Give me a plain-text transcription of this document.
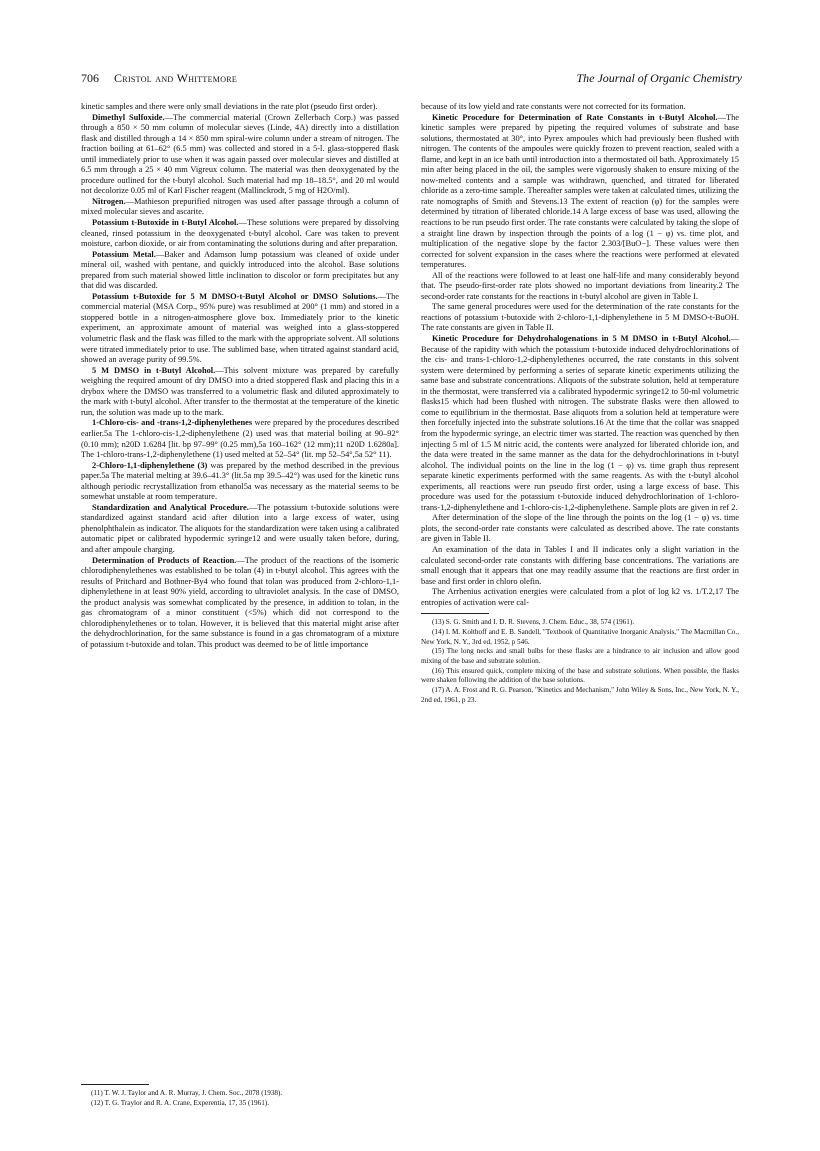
706 Cristol and Whittemore	The Journal of Organic Chemistry

kinetic samples and there were only small deviations in the rate plot (pseudo first order).

Dimethyl Sulfoxide.—The commercial material (Crown Zellerbach Corp.) was passed through a 850 × 50 mm column of molecular sieves (Linde, 4A) directly into a distillation flask and distilled through a 14 × 850 mm spiral-wire column under a stream of nitrogen. The fraction boiling at 61–62° (6.5 mm) was collected and stored in a 5-l. glass-stoppered flask until immediately prior to use when it was again passed over molecular sieves and distilled at 6.5 mm through a 25 × 40 mm Vigreux column. The material was then deoxygenated by the procedure outlined for the t-butyl alcohol. Such material had mp 18–18.5°, and 20 ml would not decolorize 0.05 ml of Karl Fischer reagent (Mallinckrodt, 5 mg of H2O/ml).

Nitrogen.—Mathieson prepurified nitrogen was used after passage through a column of mixed molecular sieves and ascarite.

Potassium t-Butoxide in t-Butyl Alcohol.—These solutions were prepared by dissolving cleaned, rinsed potassium in the deoxygenated t-butyl alcohol. Care was taken to prevent moisture, carbon dioxide, or air from contaminating the solutions during and after preparation.

Potassium Metal.—Baker and Adamson lump potassium was cleaned of oxide under mineral oil, washed with pentane, and quickly introduced into the alcohol. Base solutions prepared from such material showed little inclination to discolor or form precipitates but any that did was discarded.

Potassium t-Butoxide for 5 M DMSO-t-Butyl Alcohol or DMSO Solutions.—The commercial material (MSA Corp., 95% pure) was resublimed at 200° (1 mm) and stored in a stoppered bottle in a nitrogen-atmosphere glove box. Immediately prior to the kinetic experiment, an approximate amount of material was weighed into a glass-stoppered volumetric flask and the flask was filled to the mark with the appropriate solvent. All solutions were titrated immediately prior to use. The sublimed base, when titrated against standard acid, showed an average purity of 99.5%.

5 M DMSO in t-Butyl Alcohol.—This solvent mixture was prepared by carefully weighing the required amount of dry DMSO into a dried stoppered flask and placing this in a drybox where the DMSO was transferred to a volumetric flask and diluted approximately to the mark with t-butyl alcohol. After transfer to the thermostat at the temperature of the kinetic run, the solution was made up to the mark.

1-Chloro-cis- and -trans-1,2-diphenylethenes were prepared by the procedures described earlier.5a The 1-chloro-cis-1,2-diphenylethene (2) used was that material boiling at 90–92° (0.10 mm); n20D 1.6284 [lit. bp 97–99° (0.25 mm),5a 160–162° (12 mm);11 n20D 1.6280a]. The 1-chloro-trans-1,2-diphenylethene (1) used melted at 52–54° (lit. mp 52–54°,5a 52° 11).

2-Chloro-1,1-diphenylethene (3) was prepared by the method described in the previous paper.5a The material melting at 39.6–41.3° (lit.5a mp 39.5–42°) was used for the kinetic runs although periodic recrystallization from ethanol5a was necessary as the material seems to be somewhat unstable at room temperature.

Standardization and Analytical Procedure.—The potassium t-butoxide solutions were standardized against standard acid after dilution into a large excess of water, using phenolphthalein as indicator. The aliquots for the standardization were taken using a calibrated automatic pipet or calibrated hypodermic syringe12 and were usually taken before, during, and after ampoule charging.

Determination of Products of Reaction.—The product of the reactions of the isomeric chlorodiphenylethenes was established to be tolan (4) in t-butyl alcohol. This agrees with the results of Pritchard and Bothner-By4 who found that tolan was produced from 2-chloro-1,1-diphenylethene in at least 90% yield, according to ultraviolet analysis. In the case of DMSO, the product analysis was somewhat complicated by the presence, in addition to tolan, in the gas chromatogram of a minor constituent (<5%) which did not correspond to the chlorodiphenylethenes or to tolan. However, it is believed that this material might arise after the dehydrochlorination, for the same substance is found in a gas chromatogram of a mixture of potassium t-butoxide and tolan. This product was deemed to be of little importance

(11) T. W. J. Taylor and A. R. Murray, J. Chem. Soc., 2078 (1938).

(12) T. G. Traylor and R. A. Crane, Experentia, 17, 35 (1961).

because of its low yield and rate constants were not corrected for its formation.

Kinetic Procedure for Determination of Rate Constants in t-Butyl Alcohol.—The kinetic samples were prepared by pipeting the required volumes of substrate and base solutions, thermostated at 30°, into Pyrex ampoules which had previously been flushed with nitrogen. The contents of the ampoules were quickly frozen to prevent reaction, sealed with a flame, and kept in an ice bath until introduction into a thermostated oil bath. Approximately 15 min after being placed in the oil, the samples were vigorously shaken to ensure mixing of the now-melted contents and a sample was withdrawn, quenched, and titrated for liberated chloride as a zero-time sample. Thereafter samples were taken at calculated times, utilizing the rate nomographs of Smith and Stevens.13 The extent of reaction (φ) for the samples were determined by titration of liberated chloride.14 A large excess of base was used, allowing the reactions to be run pseudo first order. The rate constants were calculated by taking the slope of a straight line drawn by inspection through the points of a log (1 − φ) vs. time plot, and multiplication of the negative slope by the factor 2.303/[BuO−]. These values were then corrected for solvent expansion in the cases where the reactions were performed at elevated temperatures.

All of the reactions were followed to at least one half-life and many considerably beyond that. The pseudo-first-order rate plots showed no important deviations from linearity.2 The second-order rate constants for the reactions in t-butyl alcohol are given in Table I.

The same general procedures were used for the determination of the rate constants for the reactions of potassium t-butoxide with 2-chloro-1,1-diphenylethene in 5 M DMSO-t-BuOH. The rate constants are given in Table II.

Kinetic Procedure for Dehydrohalogenations in 5 M DMSO in t-Butyl Alcohol.—Because of the rapidity with which the potassium t-butoxide induced dehydrochlorinations of the cis- and trans-1-chloro-1,2-diphenylethenes occurred, the rate constants in this solvent system were determined by performing a series of separate kinetic experiments utilizing the same base and substrate concentrations. Aliquots of the substrate solution, held at temperature in the thermostat, were transferred via a calibrated hypodermic syringe12 to 50-ml volumetric flasks15 which had been flushed with nitrogen. The substrate flasks were then allowed to come to equilibrium in the thermostat. Base aliquots from a solution held at temperature were then forcefully injected into the substrate solutions.16 At the time that the collar was snapped from the hypodermic syringe, an electric timer was started. The reaction was quenched by then injecting 5 ml of 1.5 M nitric acid, the contents were analyzed for liberated chloride ion, and the data were treated in the same manner as the data for the dehydrochlorinations in t-butyl alcohol. The individual points on the line in the log (1 − φ) vs. time graph thus represent separate kinetic experiments performed with the same reagents. As with the t-butyl alcohol experiments, all reactions were run pseudo first order, using a large excess of base. This procedure was used for the potassium t-butoxide induced dehydrochlorination of 1-chloro-trans-1,2-diphenylethene and 1-chloro-cis-1,2-diphenylethene. Sample plots are given in ref 2.

After determination of the slope of the line through the points on the log (1 − φ) vs. time plots, the second-order rate constants were calculated as described above. The rate constants are given in Table II.

An examination of the data in Tables I and II indicates only a slight variation in the calculated second-order rate constants with differing base concentrations. The variations are small enough that it appears that one may readily assume that the reactions are first order in base and first order in chloro olefin.

The Arrhenius activation energies were calculated from a plot of log k2 vs. 1/T.2,17 The entropies of activation were cal-

(13) S. G. Smith and I. D. R. Stevens, J. Chem. Educ., 38, 574 (1961).

(14) I. M. Kolthoff and E. B. Sandell, "Textbook of Quantitative Inorganic Analysis," The Macmillan Co., New York, N. Y., 3rd ed, 1952, p 546.

(15) The long necks and small bulbs for these flasks are a hindrance to air inclusion and allow good mixing of the base and substrate solution.

(16) This ensured quick, complete mixing of the base and substrate solutions. When possible, the flasks were shaken following the addition of the base solutions.

(17) A. A. Frost and R. G. Pearson, "Kinetics and Mechanism," John Wiley & Sons, Inc., New York, N. Y., 2nd ed, 1961, p 23.
